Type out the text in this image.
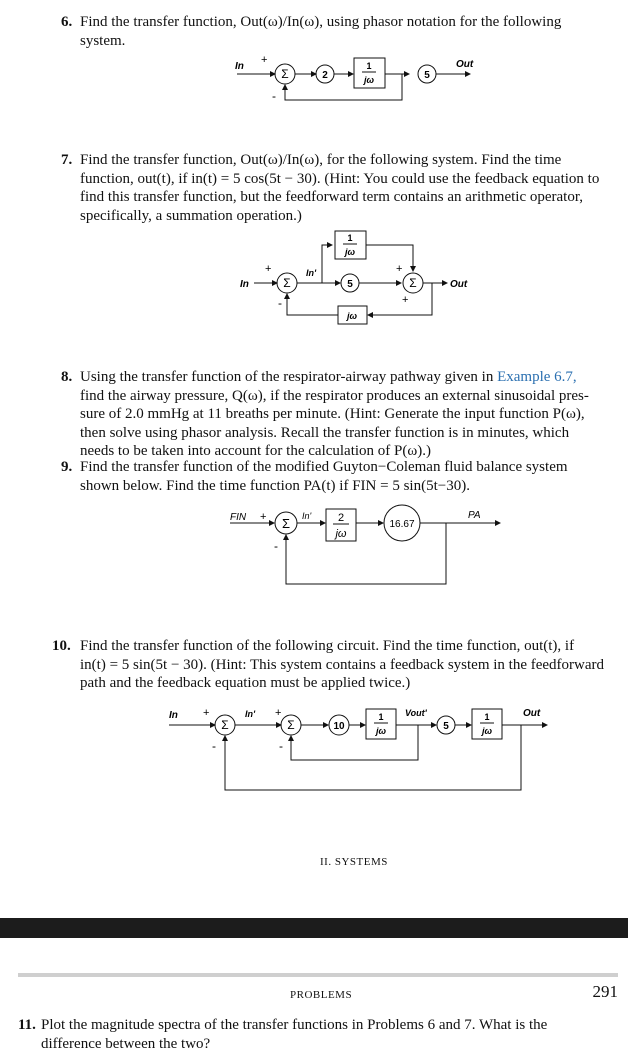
6. Find the transfer function, Out(ω)/In(ω), using phasor notation for the following
system.
In
+
Σ	2
1
jω	5
Out
-
7. Find the transfer function, Out(ω)/In(ω), for the following system. Find the time
function, out(t), if in(t) = 5 cos(5t − 30). (Hint: You could use the feedback equation to
find this transfer function, but the feedforward term contains an arithmetic operator,
specifically, a summation operation.)
In
+
Σ
In'
1
jω
5
+
Σ	Out
jω
-	+
8. Using the transfer function of the respirator-airway pathway given in Example 6.7,
find the airway pressure, Q(ω), if the respirator produces an external sinusoidal pres-
sure of 2.0 mmHg at 11 breaths per minute. (Hint: Generate the input function P(ω),
then solve using phasor analysis. Recall the transfer function is in minutes, which
needs to be taken into account for the calculation of P(ω).)
9. Find the transfer function of the modified Guyton−Coleman fluid balance system
shown below. Find the time function PA(t) if FIN = 5 sin(5t−30).
FIN + Σ In' 2
jω
16.67
PA
-
10. Find the transfer function of the following circuit. Find the time function, out(t), if
in(t) = 5 sin(5t − 30). (Hint: This system contains a feedback system in the feedforward
path and the feedback equation must be applied twice.)
In +
Σ
In' +
Σ	10
1
jω
Vout'
5
1
jω
Out
-
-
II. SYSTEMS
PROBLEMS	291
11. Plot the magnitude spectra of the transfer functions in Problems 6 and 7. What is the
difference between the two?
